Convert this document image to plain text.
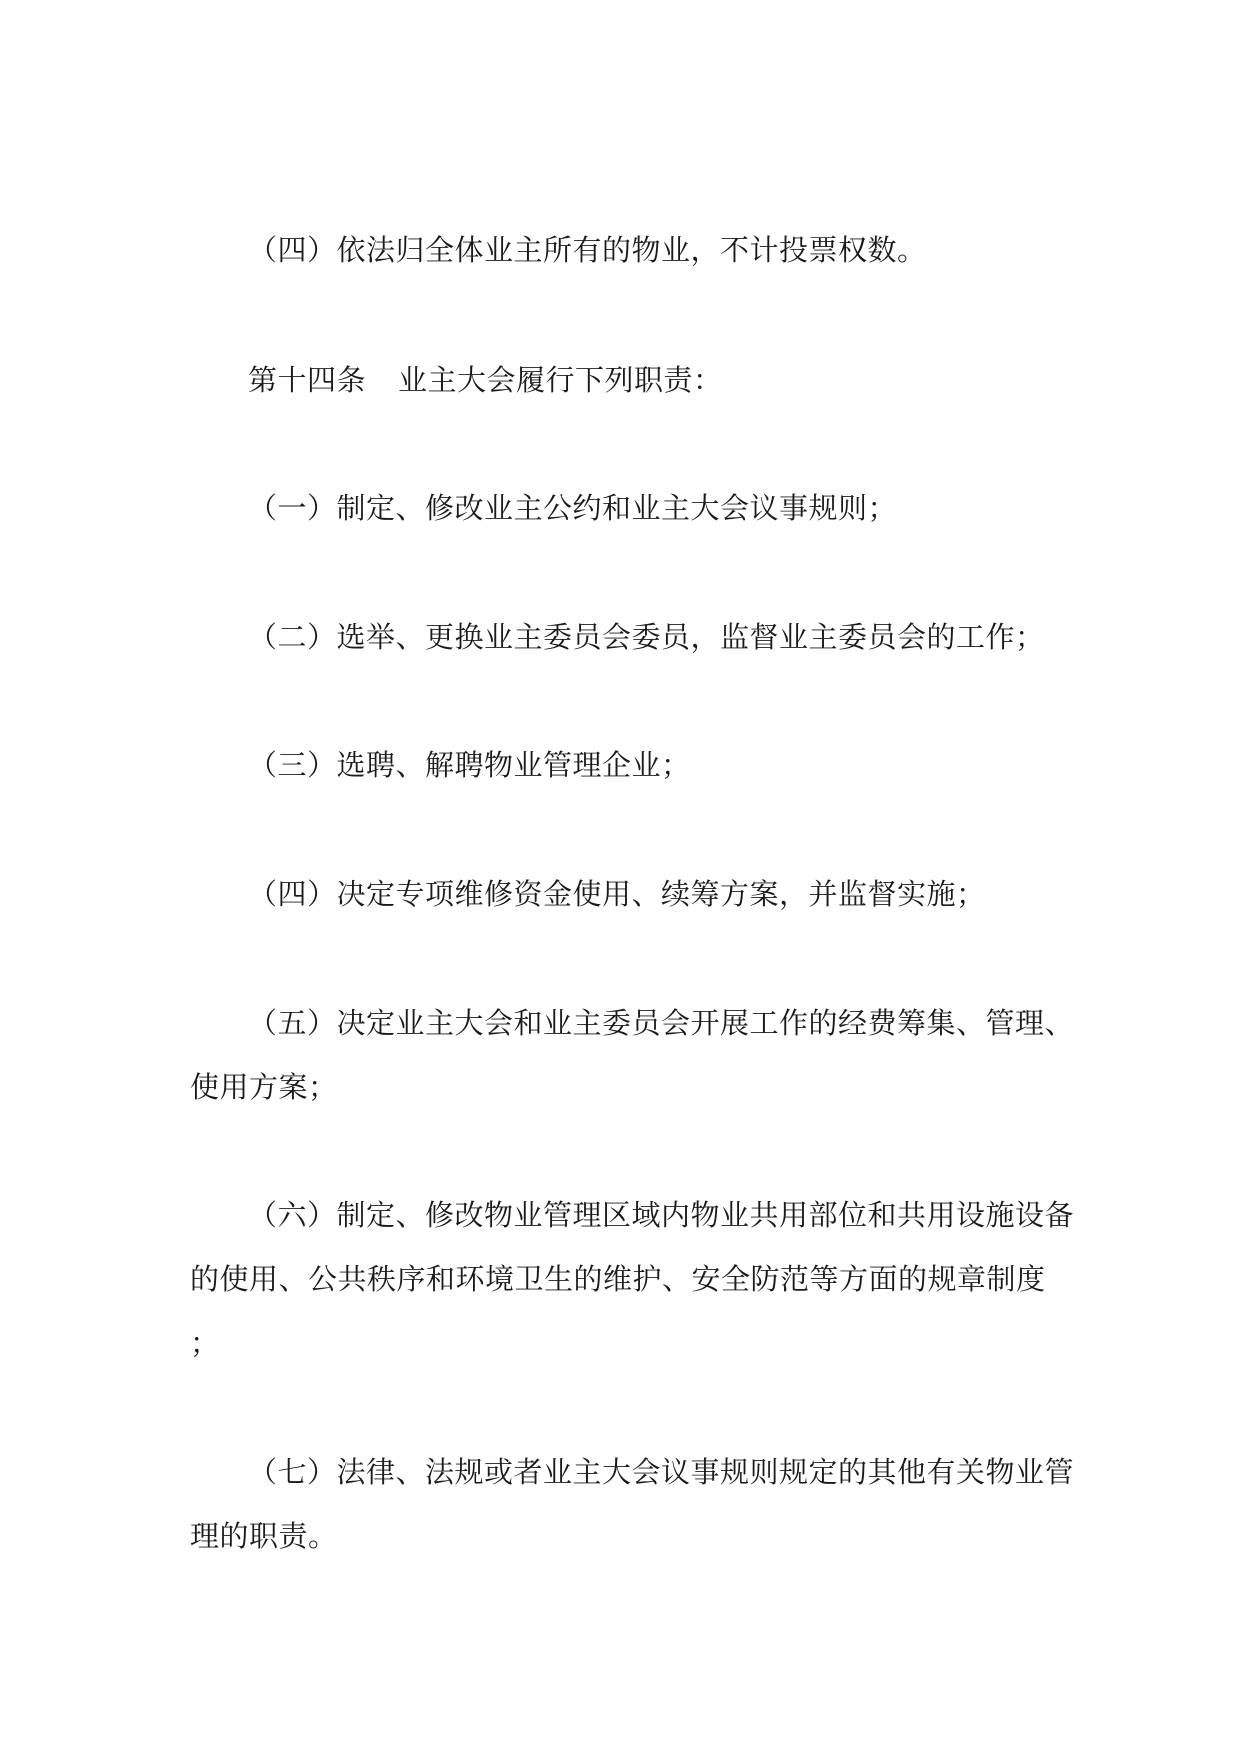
（四）依法归全体业主所有的物业，不计投票权数。
第十四条 业主大会履行下列职责：
（一）制定、修改业主公约和业主大会议事规则；
（二）选举、更换业主委员会委员，监督业主委员会的工作；
（三）选聘、解聘物业管理企业；
（四）决定专项维修资金使用、续筹方案，并监督实施；
（五）决定业主大会和业主委员会开展工作的经费筹集、管理、
使用方案；
（六）制定、修改物业管理区域内物业共用部位和共用设施设备
的使用、公共秩序和环境卫生的维护、安全防范等方面的规章制度
；
（七）法律、法规或者业主大会议事规则规定的其他有关物业管
理的职责。
